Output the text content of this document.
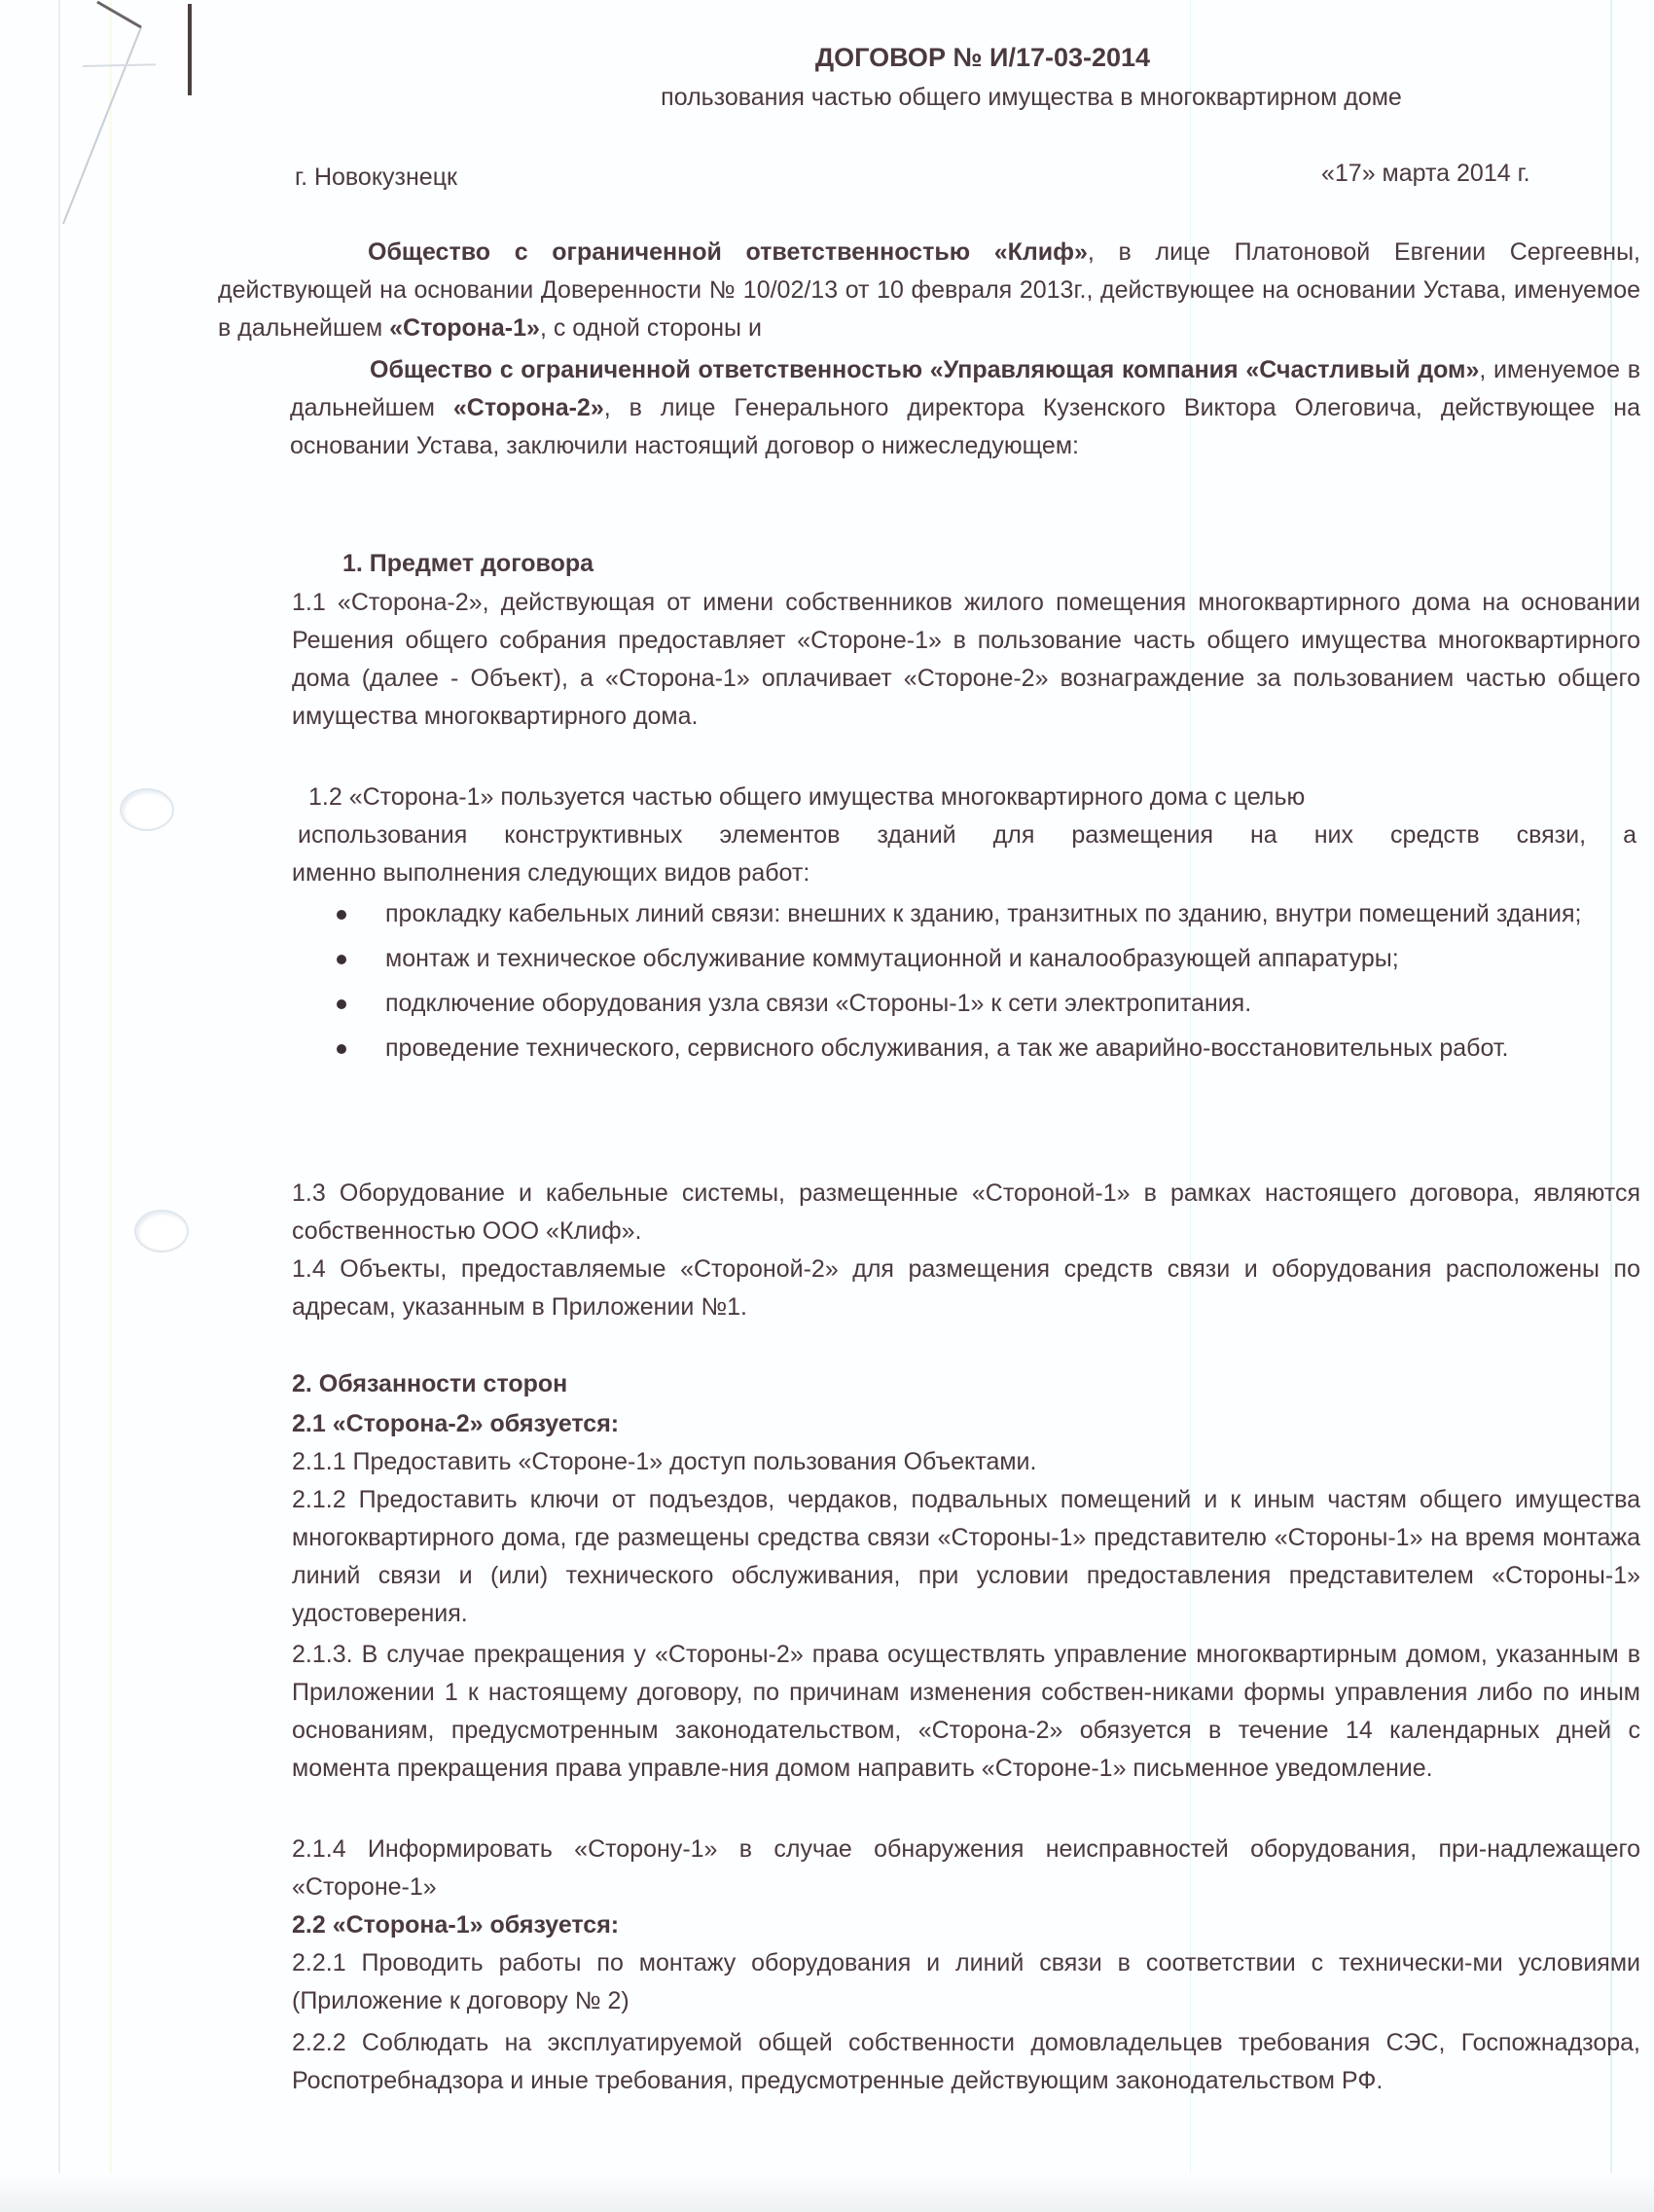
ДОГОВОР № И/17-03-2014
пользования частью общего имущества в многоквартирном доме
г. Новокузнецк	«17» марта 2014 г.
Общество с ограниченной ответственностью «Клиф», в лице Платоновой Евгении Сергеевны, действующей на основании Доверенности № 10/02/13 от 10 февраля 2013г., действующее на основании Устава, именуемое в дальнейшем «Сторона-1», с одной стороны и
Общество с ограниченной ответственностью «Управляющая компания «Счастливый дом», именуемое в дальнейшем «Сторона-2», в лице Генерального директора Кузенского Виктора Олеговича, действующее на основании Устава, заключили настоящий договор о нижеследующем:
1. Предмет договора
1.1 «Сторона-2», действующая от имени собственников жилого помещения многоквартирного дома на основании Решения общего собрания предоставляет «Стороне-1» в пользование часть общего имущества многоквартирного дома (далее - Объект), а «Сторона-1» оплачивает «Стороне-2» вознаграждение за пользованием частью общего имущества многоквартирного дома.
1.2 «Сторона-1» пользуется частью общего имущества многоквартирного дома с целью
использования конструктивных элементов зданий для размещения на них средств связи, а
именно выполнения следующих видов работ:
прокладку кабельных линий связи: внешних к зданию, транзитных по зданию, внутри помещений здания;
монтаж и техническое обслуживание коммутационной и каналообразующей аппаратуры;
подключение оборудования узла связи «Стороны-1» к сети электропитания.
проведение технического, сервисного обслуживания, а так же аварийно-восстановительных работ.
1.3 Оборудование и кабельные системы, размещенные «Стороной-1» в рамках настоящего договора, являются собственностью ООО «Клиф».
1.4 Объекты, предоставляемые «Стороной-2» для размещения средств связи и оборудования расположены по адресам, указанным в Приложении №1.
2. Обязанности сторон
2.1 «Сторона-2» обязуется:
2.1.1 Предоставить «Стороне-1» доступ пользования Объектами.
2.1.2 Предоставить ключи от подъездов, чердаков, подвальных помещений и к иным частям общего имущества многоквартирного дома, где размещены средства связи «Стороны-1» представителю «Стороны-1» на время монтажа линий связи и (или) технического обслуживания, при условии предоставления представителем «Стороны-1» удостоверения.
2.1.3. В случае прекращения у «Стороны-2» права осуществлять управление многоквартирным домом, указанным в Приложении 1 к настоящему договору, по причинам изменения собствен-никами формы управления либо по иным основаниям, предусмотренным законодательством, «Сторона-2» обязуется в течение 14 календарных дней с момента прекращения права управле-ния домом направить «Стороне-1» письменное уведомление.
2.1.4 Информировать «Сторону-1» в случае обнаружения неисправностей оборудования, при-надлежащего «Стороне-1»
2.2 «Сторона-1» обязуется:
2.2.1 Проводить работы по монтажу оборудования и линий связи в соответствии с технически-ми условиями (Приложение к договору № 2)
2.2.2 Соблюдать на эксплуатируемой общей собственности домовладельцев требования СЭС, Госпожнадзора, Роспотребнадзора и иные требования, предусмотренные действующим законодательством РФ.
